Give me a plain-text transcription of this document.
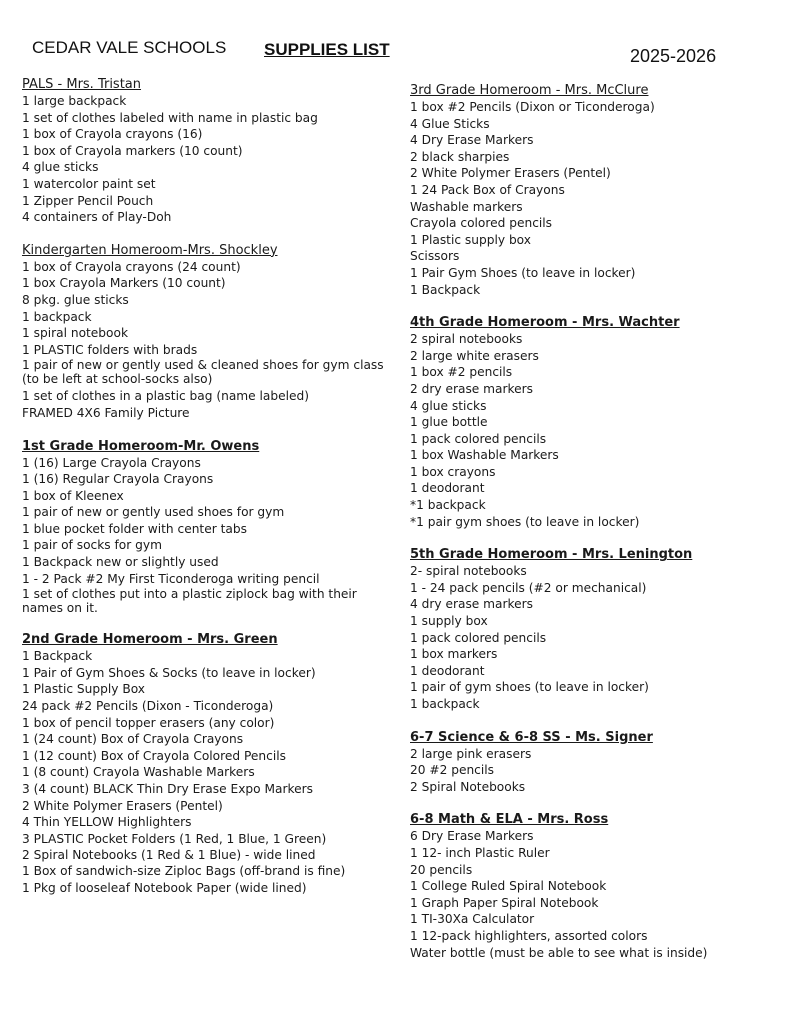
CEDAR VALE SCHOOLS SUPPLIES LIST	2025-2026
PALS - Mrs. Tristan
1 large backpack
1 set of clothes labeled with name in plastic bag
1 box of Crayola crayons (16)
1 box of Crayola markers (10 count)
4 glue sticks
1 watercolor paint set
1 Zipper Pencil Pouch
4 containers of Play-Doh
Kindergarten Homeroom-Mrs. Shockley
1 box of Crayola crayons (24 count)
1 box Crayola Markers (10 count)
8 pkg. glue sticks
1 backpack
1 spiral notebook
1 PLASTIC folders with brads
1 pair of new or gently used & cleaned shoes for gym class (to be left at school-socks also)
1 set of clothes in a plastic bag (name labeled)
FRAMED 4X6 Family Picture
1st Grade Homeroom-Mr. Owens
1 (16) Large Crayola Crayons
1 (16) Regular Crayola Crayons
1 box of Kleenex
1 pair of new or gently used shoes for gym
1 blue pocket folder with center tabs
1 pair of socks for gym
1 Backpack new or slightly used
1 - 2 Pack #2 My First Ticonderoga writing pencil
1 set of clothes put into a plastic ziplock bag with their names on it.
2nd Grade Homeroom - Mrs. Green
1 Backpack
1 Pair of Gym Shoes & Socks (to leave in locker)
1 Plastic Supply Box
24 pack #2 Pencils (Dixon - Ticonderoga)
1 box of pencil topper erasers (any color)
1 (24 count) Box of Crayola Crayons
1 (12 count) Box of Crayola Colored Pencils
1 (8 count) Crayola Washable Markers
3 (4 count) BLACK Thin Dry Erase Expo Markers
2 White Polymer Erasers (Pentel)
4 Thin YELLOW Highlighters
3 PLASTIC Pocket Folders (1 Red, 1 Blue, 1 Green)
2 Spiral Notebooks (1 Red & 1 Blue) - wide lined
1 Box of sandwich-size Ziploc Bags (off-brand is fine)
1 Pkg of looseleaf Notebook Paper (wide lined)
3rd Grade Homeroom - Mrs. McClure
1 box #2 Pencils (Dixon or Ticonderoga)
4 Glue Sticks
4 Dry Erase Markers
2 black sharpies
2 White Polymer Erasers (Pentel)
1 24 Pack Box of Crayons
Washable markers
Crayola colored pencils
1 Plastic supply box
Scissors
1 Pair Gym Shoes (to leave in locker)
1 Backpack
4th Grade Homeroom - Mrs. Wachter
2 spiral notebooks
2 large white erasers
1 box #2 pencils
2 dry erase markers
4 glue sticks
1 glue bottle
1 pack colored pencils
1 box Washable Markers
1 box crayons
1 deodorant
*1 backpack
*1 pair gym shoes (to leave in locker)
5th Grade Homeroom - Mrs. Lenington
2- spiral notebooks
1 - 24 pack pencils (#2 or mechanical)
4 dry erase markers
1 supply box
1 pack colored pencils
1 box markers
1 deodorant
1 pair of gym shoes (to leave in locker)
1 backpack
6-7 Science & 6-8 SS - Ms. Signer
2 large pink erasers
20 #2 pencils
2 Spiral Notebooks
6-8 Math & ELA - Mrs. Ross
6 Dry Erase Markers
1 12- inch Plastic Ruler
20 pencils
1 College Ruled Spiral Notebook
1 Graph Paper Spiral Notebook
1 TI-30Xa Calculator
1 12-pack highlighters, assorted colors
Water bottle (must be able to see what is inside)
